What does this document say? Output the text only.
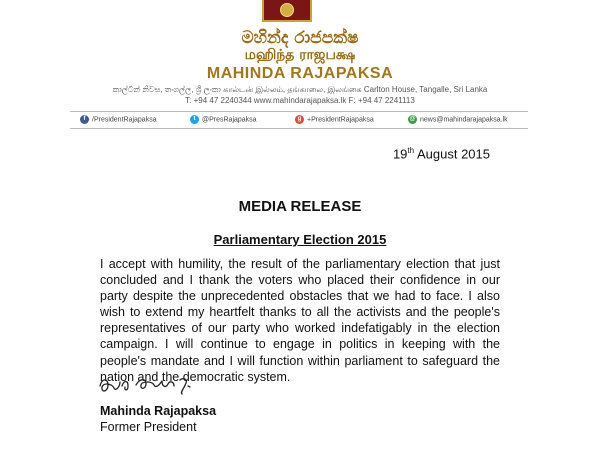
මහින්ද රාජපක්ෂ
மஹிந்த ராஜபக்ஷ
MAHINDA RAJAPAKSA
කාල්ටන් නිවස, තංගල්ල, ශ්‍රී ලංකා கால்டன் இல்லம், தங்காலை, இலங்கை Carlton House, Tangalle, Sri Lanka
T: +94 47 2240344 www.mahindarajapaksa.lk F: +94 47 2241113
f /PresidentRajapaksa	t @PresRajapaksa	g +PresidentRajapaksa	@ news@mahindarajapaksa.lk
19th August 2015
MEDIA RELEASE
Parliamentary Election 2015

I accept with humility, the result of the parliamentary election that just concluded and I thank the voters who placed their confidence in our party despite the unprecedented obstacles that we had to face. I also wish to extend my heartfelt thanks to all the activists and the people's representatives of our party who worked indefatigably in the election campaign. I will continue to engage in politics in keeping with the people's mandate and I will function within parliament to safeguard the nation and the democratic system.

Mahinda Rajapaksa
Former President
